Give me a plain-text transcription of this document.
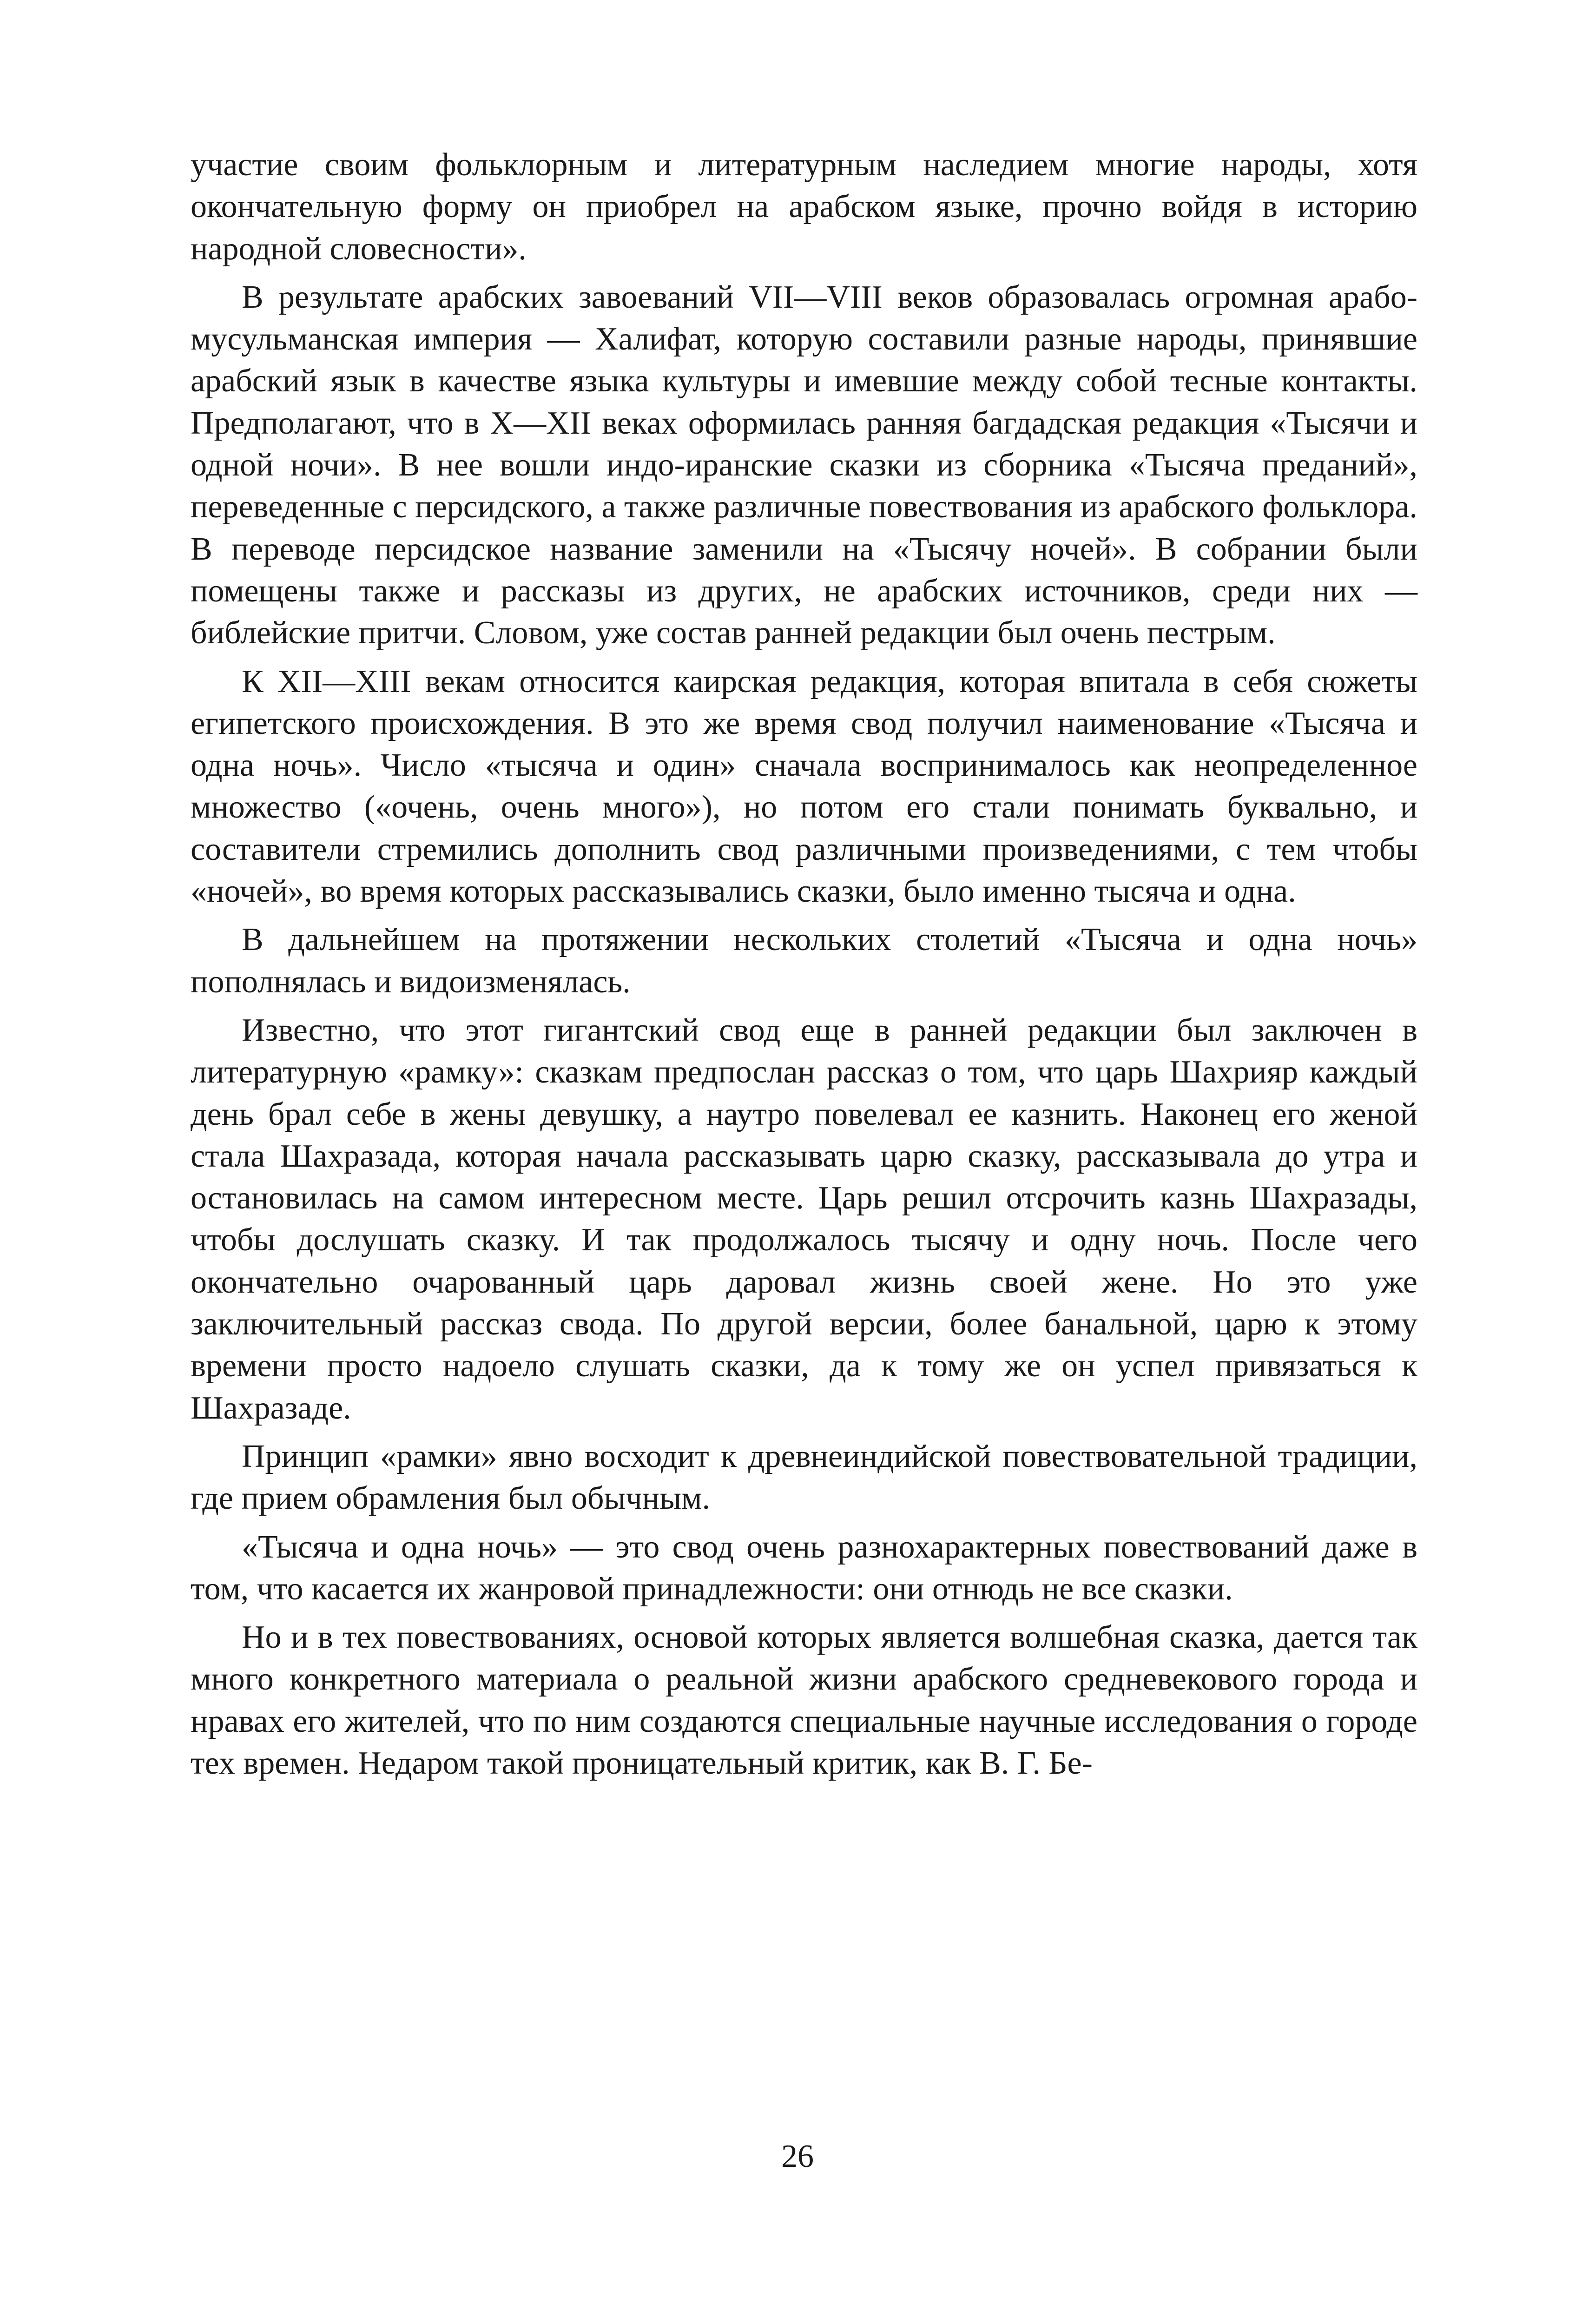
участие своим фольклорным и литературным наследием многие народы, хотя окончательную форму он приобрел на арабском языке, прочно войдя в историю народной словесности».

В результате арабских завоеваний VII—VIII веков образовалась огромная арабо-мусульманская империя — Халифат, которую составили разные народы, принявшие арабский язык в качестве языка культуры и имевшие между собой тесные контакты. Предполагают, что в X—XII веках оформилась ранняя багдадская редакция «Тысячи и одной ночи». В нее вошли индо-иранские сказки из сборника «Тысяча преданий», переведенные с персидского, а также различные повествования из арабского фольклора. В переводе персидское название заменили на «Тысячу ночей». В собрании были помещены также и рассказы из других, не арабских источников, среди них — библейские притчи. Словом, уже состав ранней редакции был очень пестрым.

К XII—XIII векам относится каирская редакция, которая впитала в себя сюжеты египетского происхождения. В это же время свод получил наименование «Тысяча и одна ночь». Число «тысяча и один» сначала воспринималось как неопределенное множество («очень, очень много»), но потом его стали понимать буквально, и составители стремились дополнить свод различными произведениями, с тем чтобы «ночей», во время которых рассказывались сказки, было именно тысяча и одна.

В дальнейшем на протяжении нескольких столетий «Тысяча и одна ночь» пополнялась и видоизменялась.

Известно, что этот гигантский свод еще в ранней редакции был заключен в литературную «рамку»: сказкам предпослан рассказ о том, что царь Шахрияр каждый день брал себе в жены девушку, а наутро повелевал ее казнить. Наконец его женой стала Шахразада, которая начала рассказывать царю сказку, рассказывала до утра и остановилась на самом интересном месте. Царь решил отсрочить казнь Шахразады, чтобы дослушать сказку. И так продолжалось тысячу и одну ночь. После чего окончательно очарованный царь даровал жизнь своей жене. Но это уже заключительный рассказ свода. По другой версии, более банальной, царю к этому времени просто надоело слушать сказки, да к тому же он успел привязаться к Шахразаде.

Принцип «рамки» явно восходит к древнеиндийской повествовательной традиции, где прием обрамления был обычным.

«Тысяча и одна ночь» — это свод очень разнохарактерных повествований даже в том, что касается их жанровой принадлежности: они отнюдь не все сказки.

Но и в тех повествованиях, основой которых является волшебная сказка, дается так много конкретного материала о реальной жизни арабского средневекового города и нравах его жителей, что по ним создаются специальные научные исследования о городе тех времен. Недаром такой проницательный критик, как В. Г. Бе-

26
